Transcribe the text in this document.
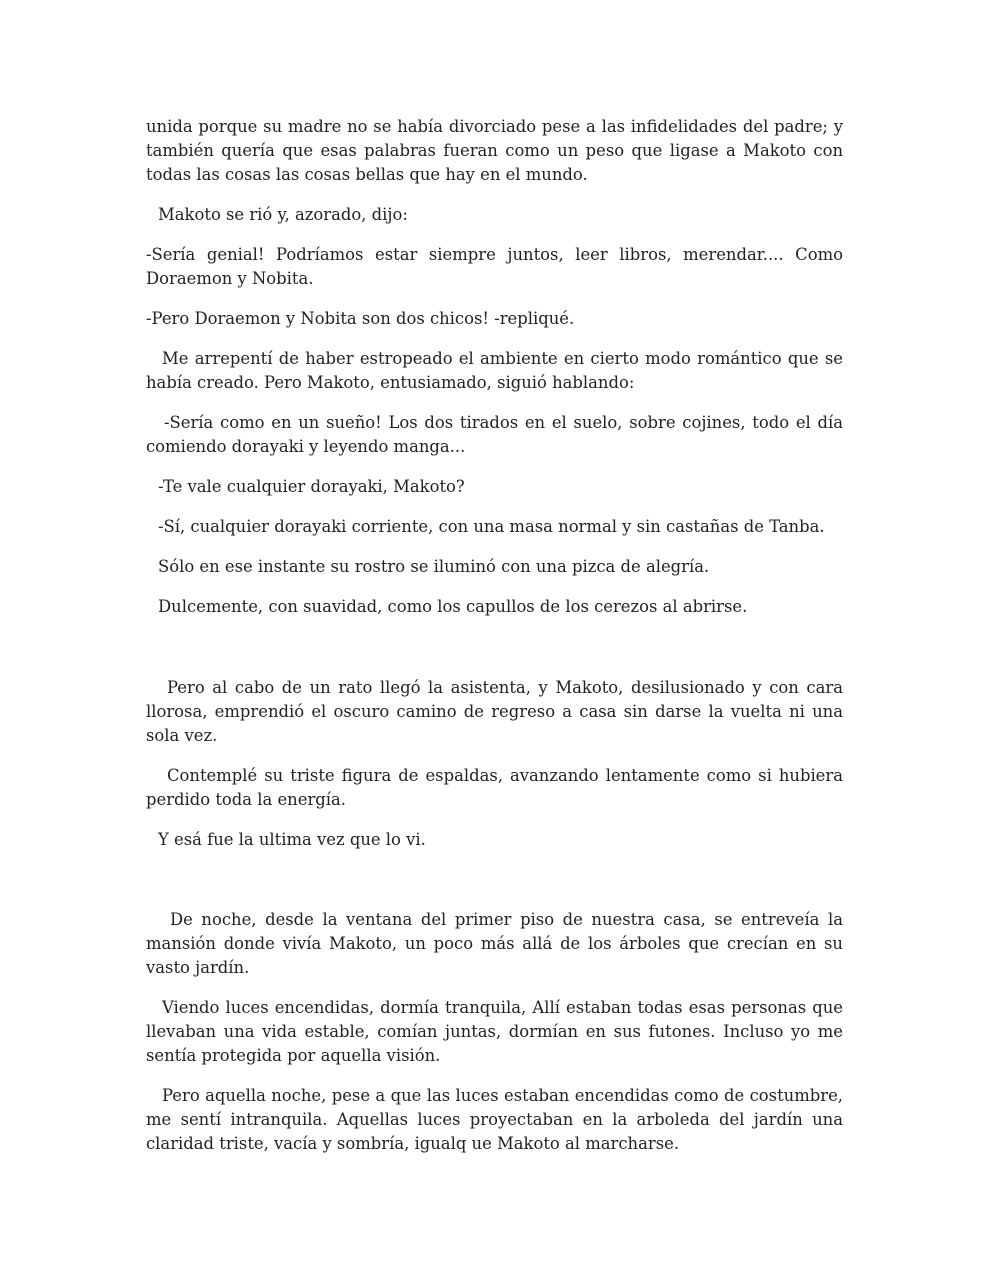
unida porque su madre no se había divorciado pese a las infidelidades del padre; y también quería que esas palabras fueran como un peso que ligase a Makoto con todas las cosas las cosas bellas que hay en el mundo.

Makoto se rió y, azorado, dijo:

-Sería genial! Podríamos estar siempre juntos, leer libros, merendar.... Como Doraemon y Nobita.

-Pero Doraemon y Nobita son dos chicos! -repliqué.

Me arrepentí de haber estropeado el ambiente en cierto modo romántico que se había creado. Pero Makoto, entusiamado, siguió hablando:

-Sería como en un sueño! Los dos tirados en el suelo, sobre cojines, todo el día comiendo dorayaki y leyendo manga...

-Te vale cualquier dorayaki, Makoto?

-Sí, cualquier dorayaki corriente, con una masa normal y sin castañas de Tanba.

Sólo en ese instante su rostro se iluminó con una pizca de alegría.

Dulcemente, con suavidad, como los capullos de los cerezos al abrirse.

Pero al cabo de un rato llegó la asistenta, y Makoto, desilusionado y con cara llorosa, emprendió el oscuro camino de regreso a casa sin darse la vuelta ni una sola vez.

Contemplé su triste figura de espaldas, avanzando lentamente como si hubiera perdido toda la energía.

Y esá fue la ultima vez que lo vi.

De noche, desde la ventana del primer piso de nuestra casa, se entreveía la mansión donde vivía Makoto, un poco más allá de los árboles que crecían en su vasto jardín.

Viendo luces encendidas, dormía tranquila, Allí estaban todas esas personas que llevaban una vida estable, comían juntas, dormían en sus futones. Incluso yo me sentía protegida por aquella visión.

Pero aquella noche, pese a que las luces estaban encendidas como de costumbre, me sentí intranquila. Aquellas luces proyectaban en la arboleda del jardín una claridad triste, vacía y sombría, igualq ue Makoto al marcharse.
